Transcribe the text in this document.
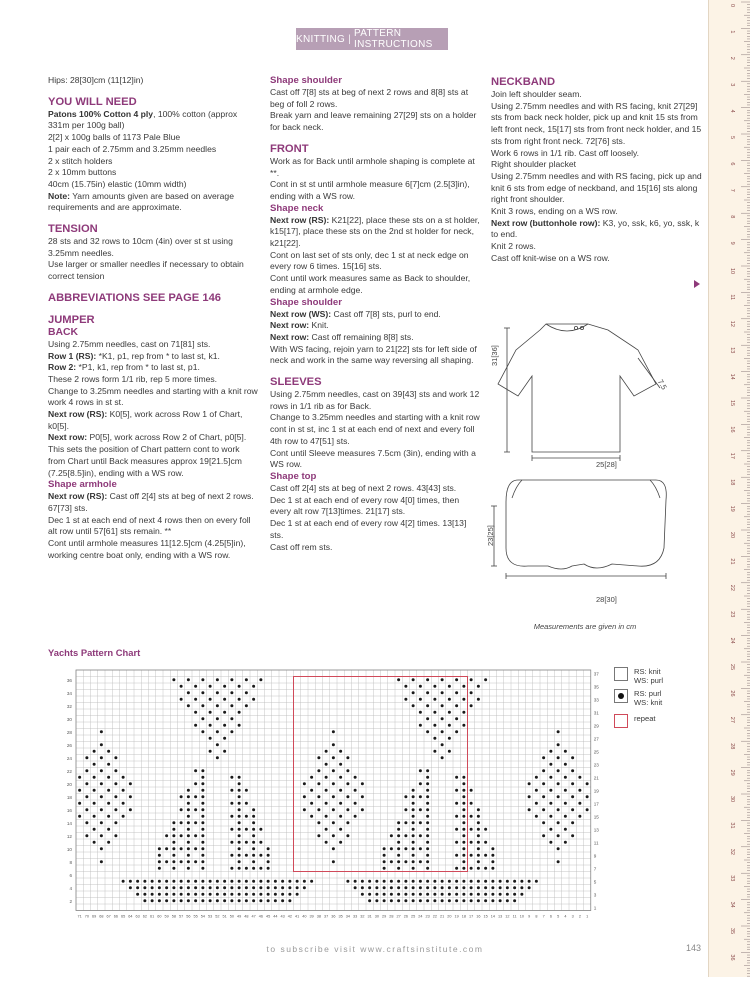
KNITTING | PATTERN INSTRUCTIONS

Hips: 28[30]cm (11[12]in)

YOU WILL NEED

Patons 100% Cotton 4 ply, 100% cotton (approx 331m per 100g ball)

2[2] x 100g balls of 1173 Pale Blue

1 pair each of 2.75mm and 3.25mm needles

2 x stitch holders

2 x 10mm buttons

40cm (15.75in) elastic (10mm width)

Note: Yarn amounts given are based on average requirements and are approximate.

TENSION

28 sts and 32 rows to 10cm (4in) over st st using 3.25mm needles.

Use larger or smaller needles if necessary to obtain correct tension

ABBREVIATIONS SEE PAGE 146
JUMPER
BACK

Using 2.75mm needles, cast on 71[81] sts.

Row 1 (RS): *K1, p1, rep from * to last st, k1.

Row 2: *P1, k1, rep from * to last st, p1.

These 2 rows form 1/1 rib, rep 5 more times.

Change to 3.25mm needles and starting with a knit row work 4 rows in st st.

Next row (RS): K0[5], work across Row 1 of Chart, k0[5].

Next row: P0[5], work across Row 2 of Chart, p0[5].

This sets the position of Chart pattern cont to work from Chart until Back measures approx 19[21.5]cm (7.25[8.5]in), ending with a WS row.

Shape armhole

Next row (RS): Cast off 2[4] sts at beg of next 2 rows. 67[73] sts.

Dec 1 st at each end of next 4 rows then on every foll alt row until 57[61] sts remain. **

Cont until armhole measures 11[12.5]cm (4.25[5]in), working centre boat only, ending with a WS row.

Shape shoulder

Cast off 7[8] sts at beg of next 2 rows and 8[8] sts at beg of foll 2 rows.

Break yarn and leave remaining 27[29] sts on a holder for back neck.

FRONT

Work as for Back until armhole shaping is complete at **.

Cont in st st until armhole measure 6[7]cm (2.5[3]in), ending with a WS row.

Shape neck

Next row (RS): K21[22], place these sts on a st holder, k15[17], place these sts on the 2nd st holder for neck, k21[22].

Cont on last set of sts only, dec 1 st at neck edge on every row 6 times. 15[16] sts.

Cont until work measures same as Back to shoulder, ending at armhole edge.

Shape shoulder

Next row (WS): Cast off 7[8] sts, purl to end.

Next row: Knit.

Next row: Cast off remaining 8[8] sts.

With WS facing, rejoin yarn to 21[22] sts for left side of neck and work in the same way reversing all shaping.

SLEEVES

Using 2.75mm needles, cast on 39[43] sts and work 12 rows in 1/1 rib as for Back.

Change to 3.25mm needles and starting with a knit row cont in st st, inc 1 st at each end of next and every foll 4th row to 47[51] sts.

Cont until Sleeve measures 7.5cm (3in), ending with a WS row.

Shape top

Cast off 2[4] sts at beg of next 2 rows. 43[43] sts.

Dec 1 st at each end of every row 4[0] times, then every alt row 7[13]times. 21[17] sts.

Dec 1 st at each end of every row 4[2] times. 13[13] sts.

Cast off rem sts.

NECKBAND

Join left shoulder seam.

Using 2.75mm needles and with RS facing, knit 27[29] sts from back neck holder, pick up and knit 15 sts from left front neck, 15[17] sts from front neck holder, and 15 sts from right front neck. 72[76] sts.

Work 6 rows in 1/1 rib. Cast off loosely.

Right shoulder placket

Using 2.75mm needles and with RS facing, pick up and knit 6 sts from edge of neckband, and 15[16] sts along right front shoulder.

Knit 3 rows, ending on a WS row.

Next row (buttonhole row): K3, yo, ssk, k6, yo, ssk, k to end.

Knit 2 rows.

Cast off knit-wise on a WS row.

31[36]
25[28]
7.5
23[25]
28[30]
Measurements are given in cm
Yachts Pattern Chart
1
2
3
4
5
6
7
8
9
10
11
12
13
14
15
16
17
18
19
20
21
22
23
24
25
26
27
28
29
30
31
32
33
34
35
36
37
1
2
3
4
5
6
7
8
9
10
11
12
13
14
15
16
17
18
19
20
21
22
23
24
25
26
27
28
29
30
31
32
33
34
35
36
37
38
39
40
41
42
43
44
45
46
47
48
49
50
51
52
53
54
55
56
57
58
59
60
61
62
63
64
65
66
67
68
69
70
71
RS: knit
WS: purl
RS: purl
WS: knit
repeat
0
1
2
3
4
5
6
7
8
9
10
11
12
13
14
15
16
17
18
19
20
21
22
23
24
25
26
27
28
29
30
31
32
33
34
35
36
to subscribe visit www.craftsinstitute.com	143
